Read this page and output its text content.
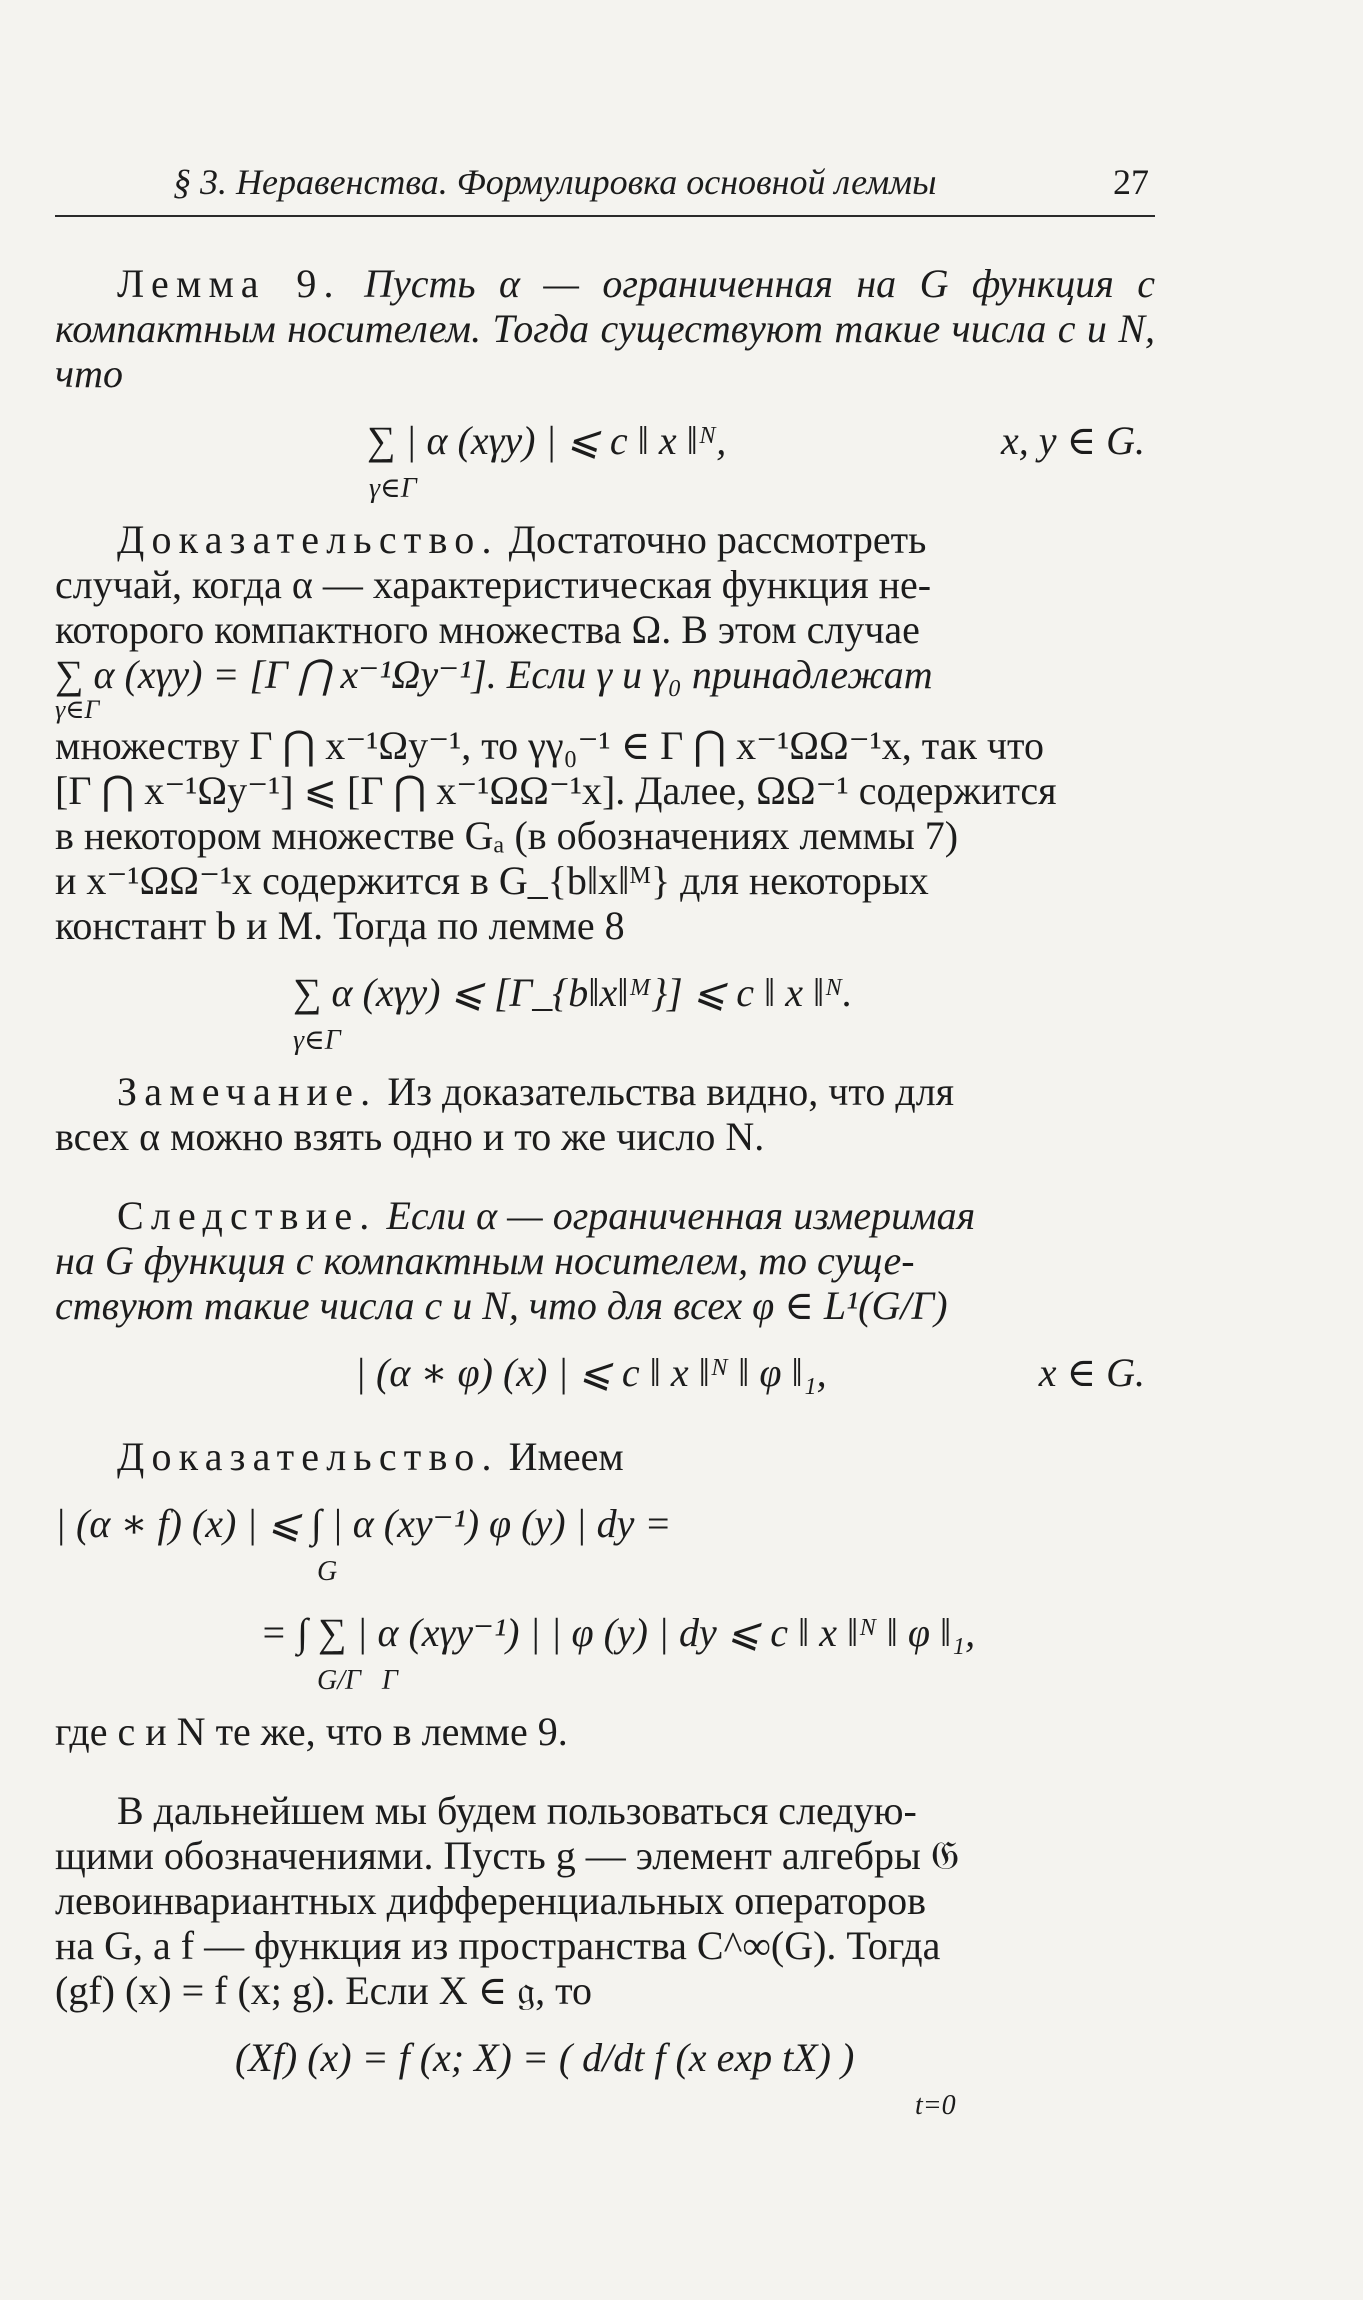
§ 3. Неравенства. Формулировка основной леммы	27

Лемма 9. Пусть α — ограниченная на G функция с компактным носителем. Тогда существуют такие числа c и N, что

∑ | α (xγy) | ⩽ c ‖ x ‖ᴺ,
γ∈Γ
x, y ∈ G.

Доказательство. Достаточно рассмотреть

случай, когда α — характеристическая функция не-

которого компактного множества Ω. В этом случае

∑ α (xγy) = [Γ ⋂ x⁻¹Ωy⁻¹]. Если γ и γ₀ принадлежат

γ∈Γ

множеству Γ ⋂ x⁻¹Ωy⁻¹, то γγ₀⁻¹ ∈ Γ ⋂ x⁻¹ΩΩ⁻¹x, так что

[Γ ⋂ x⁻¹Ωy⁻¹] ⩽ [Γ ⋂ x⁻¹ΩΩ⁻¹x]. Далее, ΩΩ⁻¹ содержится

в некотором множестве Gₐ (в обозначениях леммы 7)

и x⁻¹ΩΩ⁻¹x содержится в G_{b‖x‖ᴹ} для некоторых

констант b и M. Тогда по лемме 8

∑ α (xγy) ⩽ [Γ_{b‖x‖ᴹ}] ⩽ c ‖ x ‖ᴺ.
γ∈Γ

Замечание. Из доказательства видно, что для

всех α можно взять одно и то же число N.

Следствие. Если α — ограниченная измеримая

на G функция с компактным носителем, то суще-

ствуют такие числа c и N, что для всех φ ∈ L¹(G/Γ)

| (α ∗ φ) (x) | ⩽ c ‖ x ‖ᴺ ‖ φ ‖₁,	x ∈ G.

Доказательство. Имеем

| (α ∗ f) (x) | ⩽ ∫ | α (xy⁻¹) φ (y) | dy =
G
= ∫ ∑ | α (xγy⁻¹) | | φ (y) | dy ⩽ c ‖ x ‖ᴺ ‖ φ ‖₁,
G/Γ   Γ

где c и N те же, что в лемме 9.

В дальнейшем мы будем пользоваться следую-

щими обозначениями. Пусть g — элемент алгебры 𝔊

левоинвариантных дифференциальных операторов

на G, а f — функция из пространства C^∞(G). Тогда

(gf) (x) = f (x; g). Если X ∈ 𝔤, то

(Xf) (x) = f (x; X) = ( d/dt f (x exp tX) )
t=0
